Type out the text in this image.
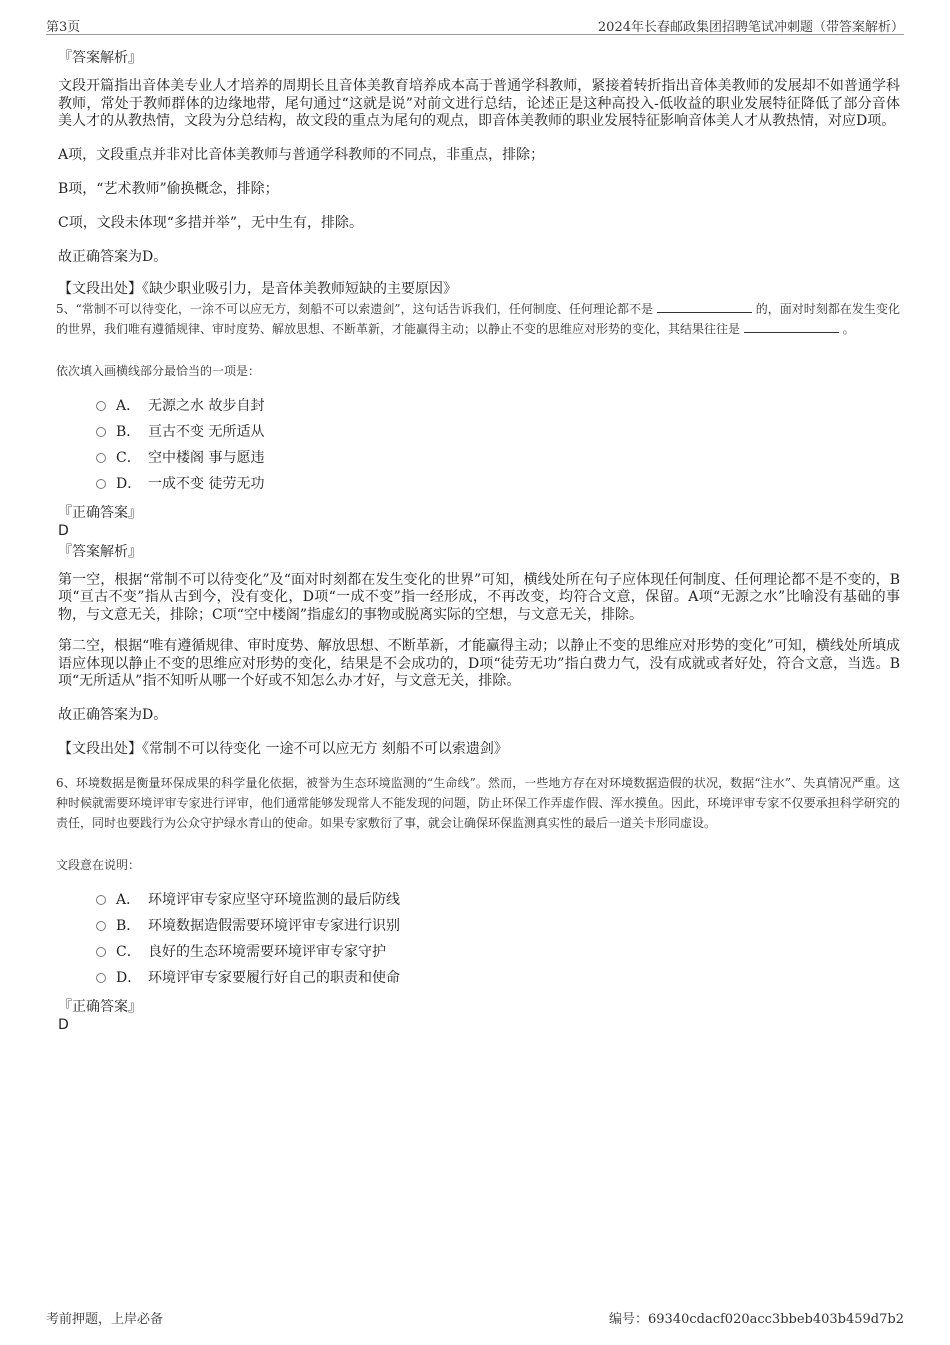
第3页	2024年长春邮政集团招聘笔试冲刺题（带答案解析）
『答案解析』
文段开篇指出音体美专业人才培养的周期长且音体美教育培养成本高于普通学科教师，紧接着转折指出音体美教师的发展却不如普通学科教师，常处于教师群体的边缘地带，尾句通过“这就是说”对前文进行总结，论述正是这种高投入-低收益的职业发展特征降低了部分音体美人才的从教热情，文段为分总结构，故文段的重点为尾句的观点，即音体美教师的职业发展特征影响音体美人才从教热情，对应D项。
A项，文段重点并非对比音体美教师与普通学科教师的不同点，非重点，排除；
B项，“艺术教师”偷换概念，排除；
C项，文段未体现“多措并举”，无中生有，排除。
故正确答案为D。
【文段出处】《缺少职业吸引力，是音体美教师短缺的主要原因》
5、“常制不可以待变化，一涂不可以应无方，刻船不可以索遗剑”，这句话告诉我们，任何制度、任何理论都不是	的，面对时刻都在发生变化的世界，我们唯有遵循规律、审时度势、解放思想、不断革新，才能赢得主动；以静止不变的思维应对形势的变化，其结果往往是	。
依次填入画横线部分最恰当的一项是：
A． 无源之水 故步自封
B． 亘古不变 无所适从
C． 空中楼阁 事与愿违
D． 一成不变 徒劳无功
『正确答案』
D
『答案解析』
第一空，根据“常制不可以待变化”及“面对时刻都在发生变化的世界”可知，横线处所在句子应体现任何制度、任何理论都不是不变的，B项“亘古不变”指从古到今，没有变化，D项“一成不变”指一经形成，不再改变，均符合文意，保留。A项“无源之水”比喻没有基础的事物，与文意无关，排除；C项“空中楼阁”指虚幻的事物或脱离实际的空想，与文意无关，排除。
第二空，根据“唯有遵循规律、审时度势、解放思想、不断革新，才能赢得主动；以静止不变的思维应对形势的变化”可知，横线处所填成语应体现以静止不变的思维应对形势的变化，结果是不会成功的，D项“徒劳无功”指白费力气，没有成就或者好处，符合文意，当选。B项“无所适从”指不知听从哪一个好或不知怎么办才好，与文意无关，排除。
故正确答案为D。
【文段出处】《常制不可以待变化 一途不可以应无方 刻船不可以索遗剑》
6、环境数据是衡量环保成果的科学量化依据，被誉为生态环境监测的“生命线”。然而，一些地方存在对环境数据造假的状况，数据“注水”、失真情况严重。这种时候就需要环境评审专家进行评审，他们通常能够发现常人不能发现的问题，防止环保工作弄虚作假、浑水摸鱼。因此，环境评审专家不仅要承担科学研究的责任，同时也要践行为公众守护绿水青山的使命。如果专家敷衍了事，就会让确保环保监测真实性的最后一道关卡形同虚设。
文段意在说明：
A． 环境评审专家应坚守环境监测的最后防线
B． 环境数据造假需要环境评审专家进行识别
C． 良好的生态环境需要环境评审专家守护
D． 环境评审专家要履行好自己的职责和使命
『正确答案』
D
考前押题，上岸必备	编号：69340cdacf020acc3bbeb403b459d7b2
